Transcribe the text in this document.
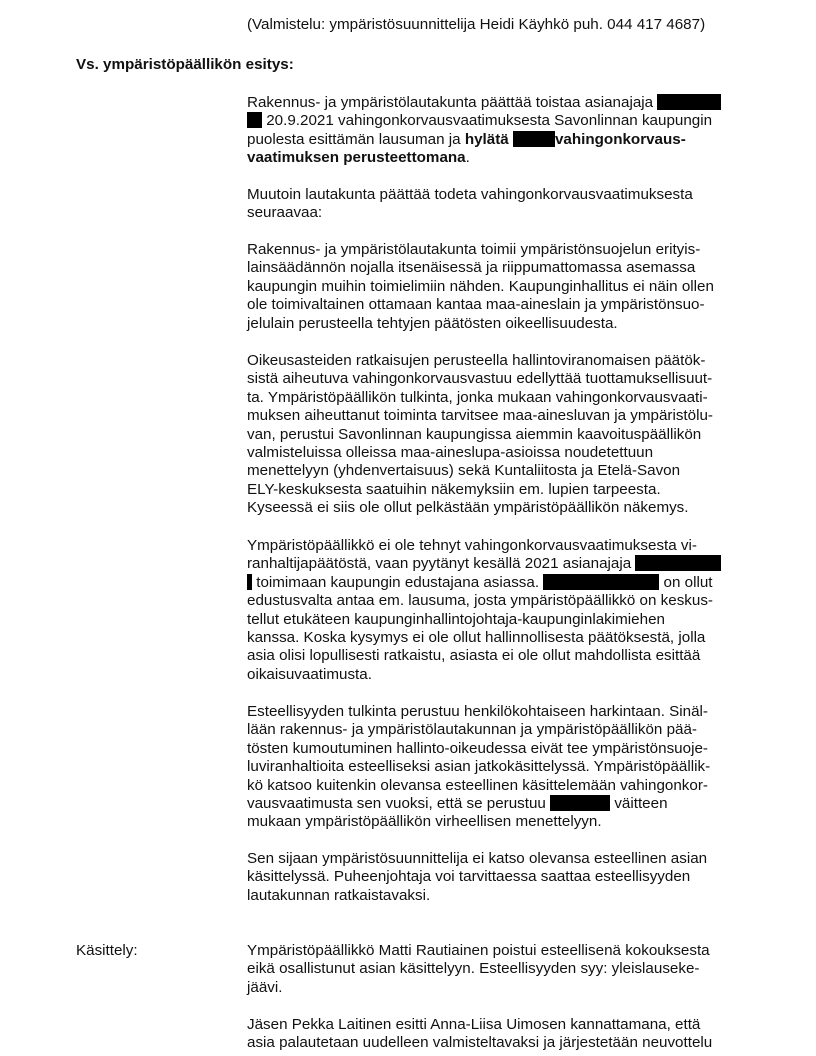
(Valmistelu: ympäristösuunnittelija Heidi Käyhkö puh. 044 417 4687)

Vs. ympäristöpäällikön esitys:

Rakennus- ja ympäristölautakunta päättää toistaa asianajaja
20.9.2021 vahingonkorvausvaatimuksesta Savonlinnan kaupungin
puolesta esittämän lausuman ja hylätä	vahingonkorvaus-
vaatimuksen perusteettomana.
Muutoin lautakunta päättää todeta vahingonkorvausvaatimuksesta
seuraavaa:
Rakennus- ja ympäristölautakunta toimii ympäristönsuojelun erityis-
lainsäädännön nojalla itsenäisessä ja riippumattomassa asemassa
kaupungin muihin toimielimiin nähden. Kaupunginhallitus ei näin ollen
ole toimivaltainen ottamaan kantaa maa-aineslain ja ympäristönsuo-
jelulain perusteella tehtyjen päätösten oikeellisuudesta.
Oikeusasteiden ratkaisujen perusteella hallintoviranomaisen päätök-
sistä aiheutuva vahingonkorvausvastuu edellyttää tuottamuksellisuut-
ta. Ympäristöpäällikön tulkinta, jonka mukaan vahingonkorvausvaati-
muksen aiheuttanut toiminta tarvitsee maa-ainesluvan ja ympäristölu-
van, perustui Savonlinnan kaupungissa aiemmin kaavoituspäällikön
valmisteluissa olleissa maa-aineslupa-asioissa noudetettuun
menettelyyn (yhdenvertaisuus) sekä Kuntaliitosta ja Etelä-Savon
ELY-keskuksesta saatuihin näkemyksiin em. lupien tarpeesta.
Kyseessä ei siis ole ollut pelkästään ympäristöpäällikön näkemys.
Ympäristöpäällikkö ei ole tehnyt vahingonkorvausvaatimuksesta vi-
ranhaltijapäätöstä, vaan pyytänyt kesällä 2021 asianajaja
toimimaan kaupungin edustajana asiassa.	on ollut
edustusvalta antaa em. lausuma, josta ympäristöpäällikkö on keskus-
tellut etukäteen kaupunginhallintojohtaja-kaupunginlakimiehen
kanssa. Koska kysymys ei ole ollut hallinnollisesta päätöksestä, jolla
asia olisi lopullisesti ratkaistu, asiasta ei ole ollut mahdollista esittää
oikaisuvaatimusta.
Esteellisyyden tulkinta perustuu henkilökohtaiseen harkintaan. Sinäl-
lään rakennus- ja ympäristölautakunnan ja ympäristöpäällikön pää-
tösten kumoutuminen hallinto-oikeudessa eivät tee ympäristönsuoje-
luviranhaltioita esteelliseksi asian jatkokäsittelyssä. Ympäristöpäällik-
kö katsoo kuitenkin olevansa esteellinen käsittelemään vahingonkor-
vausvaatimusta sen vuoksi, että se perustuu	väitteen
mukaan ympäristöpäällikön virheellisen menettelyyn.
Sen sijaan ympäristösuunnittelija ei katso olevansa esteellinen asian
käsittelyssä. Puheenjohtaja voi tarvittaessa saattaa esteellisyyden
lautakunnan ratkaistavaksi.

Käsittely:	Ympäristöpäällikkö Matti Rautiainen poistui esteellisenä kokouksesta
eikä osallistunut asian käsittelyyn. Esteellisyyden syy: yleislauseke-
jäävi.
Jäsen Pekka Laitinen esitti Anna-Liisa Uimosen kannattamana, että
asia palautetaan uudelleen valmisteltavaksi ja järjestetään neuvottelu
